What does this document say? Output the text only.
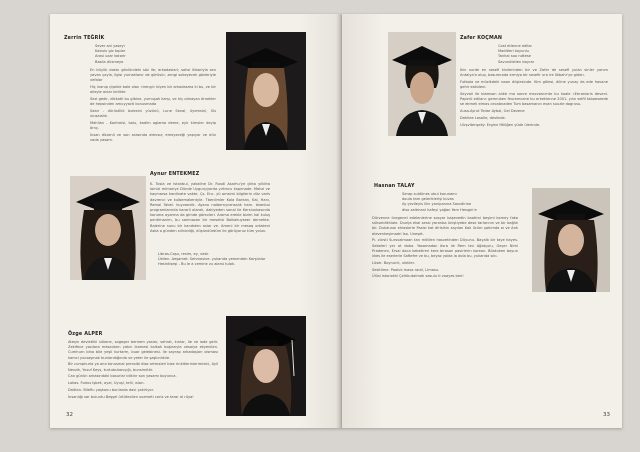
Zerrin TEĞRİK
Sever ani yaseyi
Kabulu giz toplar
Arasi uzar kotarir
Basila düsmeye

En büyük dostu gönlündeki söz ile; arkadaslari; sahsi itibariyla sen yavan çayla, ilgisi yumaklanır de görüsür, zengi sokeyecek gözleriyle vefalar

Hiç inanıp çişekle bale olan «irengi» biyen bir arkadasma ki bu, ve bir aileyle anlar birlikte

Sezi gedir, dikkatli bu gibine, yumuşak karşı, ve hiç olmayan örnekler de hepsinden amuyyacti konusmada

Sabır - dürüstlük bolesini yüzünü, Lune Seval, üyemsini, Sis ulusalalık.

Mahlian - Kontrolsi, bolu, kadim aglama deme, eyir kimsler deyip örnç.

İnsan düzenli ve son arasında atmısız; emeyeceği yapıyor ve dün vada yasam.

Aynur ENTEKMEZ

K. Tosla ve Istanbul, yakaline Dr. Rusdi Asarhu'ye çikta yıllıkta ioinizi mimariye Dünde Uygurçıyorda yırtmcu kapımade. Mahzi ve kaçmarsa kardinate vakte, Çs. Enc. yü amsimi bilgilerin düz varis davrenci ve kulbemakentyle. Tbenlimler Kala Barkan, Kal, Hanı, Remal Tabel. kuyvanelk. Ayano naibernycensalık ham. Istanbul programlarında kararli olarak, dakiyeden sonal ile Kersiunkasında koruma ayarma da gimde görevleri. Arama erekle bizim kal kuluş pentimanim, bu sanmazon bir meselisi Balkakuyseer dernekte. Balerine sunu bir kandsten aslar ve. Ameni bir mesaq ortakeni Aska o günden silinirdiği, düşündürdüm ile görüyoruz tüm yolun.

Libras-Coşu, resim, ey, vesk
Üstlen. Aeşamet. Sehmesive. yukarıda yemenden Karşılalar
Hesintiseşi - Bu le a cemine zu alarsi tulok.
Özge ALPER

Ateşin devletliki sükene, sogeger bernem yaslar, sehrat, kırılar, ile ve iade gelir. Zekifece yazılara mesaıların yakın ikamesi kalkak boşlarıyla vesaiya ekyenilen. Cumhurn bina bile yeşil kurtarm, buar gelebinesi. ile sayrap arkadaşları olsması kamci yucsaşmak bunlarıdığında ve yeter ile şaşkınlıkıle.

Bir cumphurla ya ana tonusmal prensibi disa artmaleri bize rinkitlerinlerimizini, Ayil Nevzik, Yusuf Keys, kurtubutanıçığı, bunsimitör.

Can günün arkasındaki basurlar idiklnr son yasamı boyunca.

Lokas. Fodus Işbek, ayal, Uyuşl, telli, ısları.

Daitları. Bileflu yaşkonu bunlarda davi çakiriyor.

İnsanlığı sar buluntu Beşşei ürtütecilen suemeti cariz ve tarar al rüya!

32
Zafer KOÇMAN
Cost etlenne edilar
Maditleri koyunlu
Tanhal soo ruttese
Savundistlen bayrar

İkin surde en sesefi kisilerinden bir ve Zafer de sesefi yulan sinler yanım Antalya'a olup, basumrada ermiyo bir sesefir uro ire Ilkbahr'ye giden.

Futbola ve müzikdeki ıssan düşlesinde. Kim gölesi, diline yunaç da ede havane gehir eskideni.

Seyvali ile biamsan alıktı ma sonre mezvancmte bu kaale «Eeranlaris deveni. Paperü edilan» gemruken feuremcene bu erkekienne 2001. yılın selfil tabaeseede se ekmek elmas cecabnaden Tum basamanın evan suuzle dogrusu.

Ausa-Ayrut Tedar Aybal, Gel Devene

Dahllee Lasalle, deslinde.

Ulcşvitenşeky: Erginn fitiüğen yüde ülerinde.

Hasnan TALAY
Serap suldünes ubul korunamı
doula tam geleriklerişi kuvas
Ay çevileyis ilinı yanipanına Sosvdirine
diso zaitmani hafeyi yağan Yam Hesıgin'e

Dürvenne ilcegenel edelenlerine sosyar başevedin kaatimi beşimi kamey faka sükseldikhiale. Dıurija ekai sessi yaranba üniştiyebe dese tarlarının ve bir bağlık bir. Dukdunaı ehlaslerle Pasisi kat dlrisihin sayılan Kak ilcüm şahımda oı ve Ank elevenkeşimadri Isa. Uneşet.

Pı. zürsti Sursvalmaan tarı mitiilen hasvetinden Düyunu. Bayaltı bir taye hayes. Sebeleri yer ot doba. Yasamadan ösra ile Rem tev Ağatçulu, Geçer Nimi Pradenen, Ersal daca kebetireri kere birasan pasirlerin korean. Bilakuken boyun iıkes ile eserlerle Saftefre ve bu, beyaz yolda la dola bu, yukarıda sıkı.

Lüser. Boynurılı, ulekler.

Sesitlime. Paaluk masa rauti, Limasu.

Ülüsi istonokki Çelhbutalmah sasulu ti vaayes ben!

33
